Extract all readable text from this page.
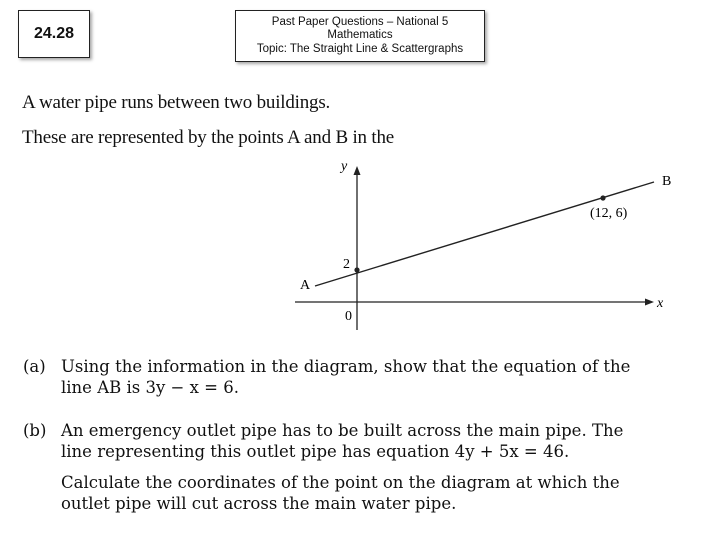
24.28
Past Paper Questions – National 5
Mathematics
Topic: The Straight Line & Scattergraphs
A water pipe runs between two buildings.
These are represented by the points A and B in the
y
x
0
2
(12, 6)
A
B
(a) Using the information in the diagram, show that the equation of the
line AB is 3y − x = 6.
(b) An emergency outlet pipe has to be built across the main pipe. The
line representing this outlet pipe has equation 4y + 5x = 46.
Calculate the coordinates of the point on the diagram at which the
outlet pipe will cut across the main water pipe.
